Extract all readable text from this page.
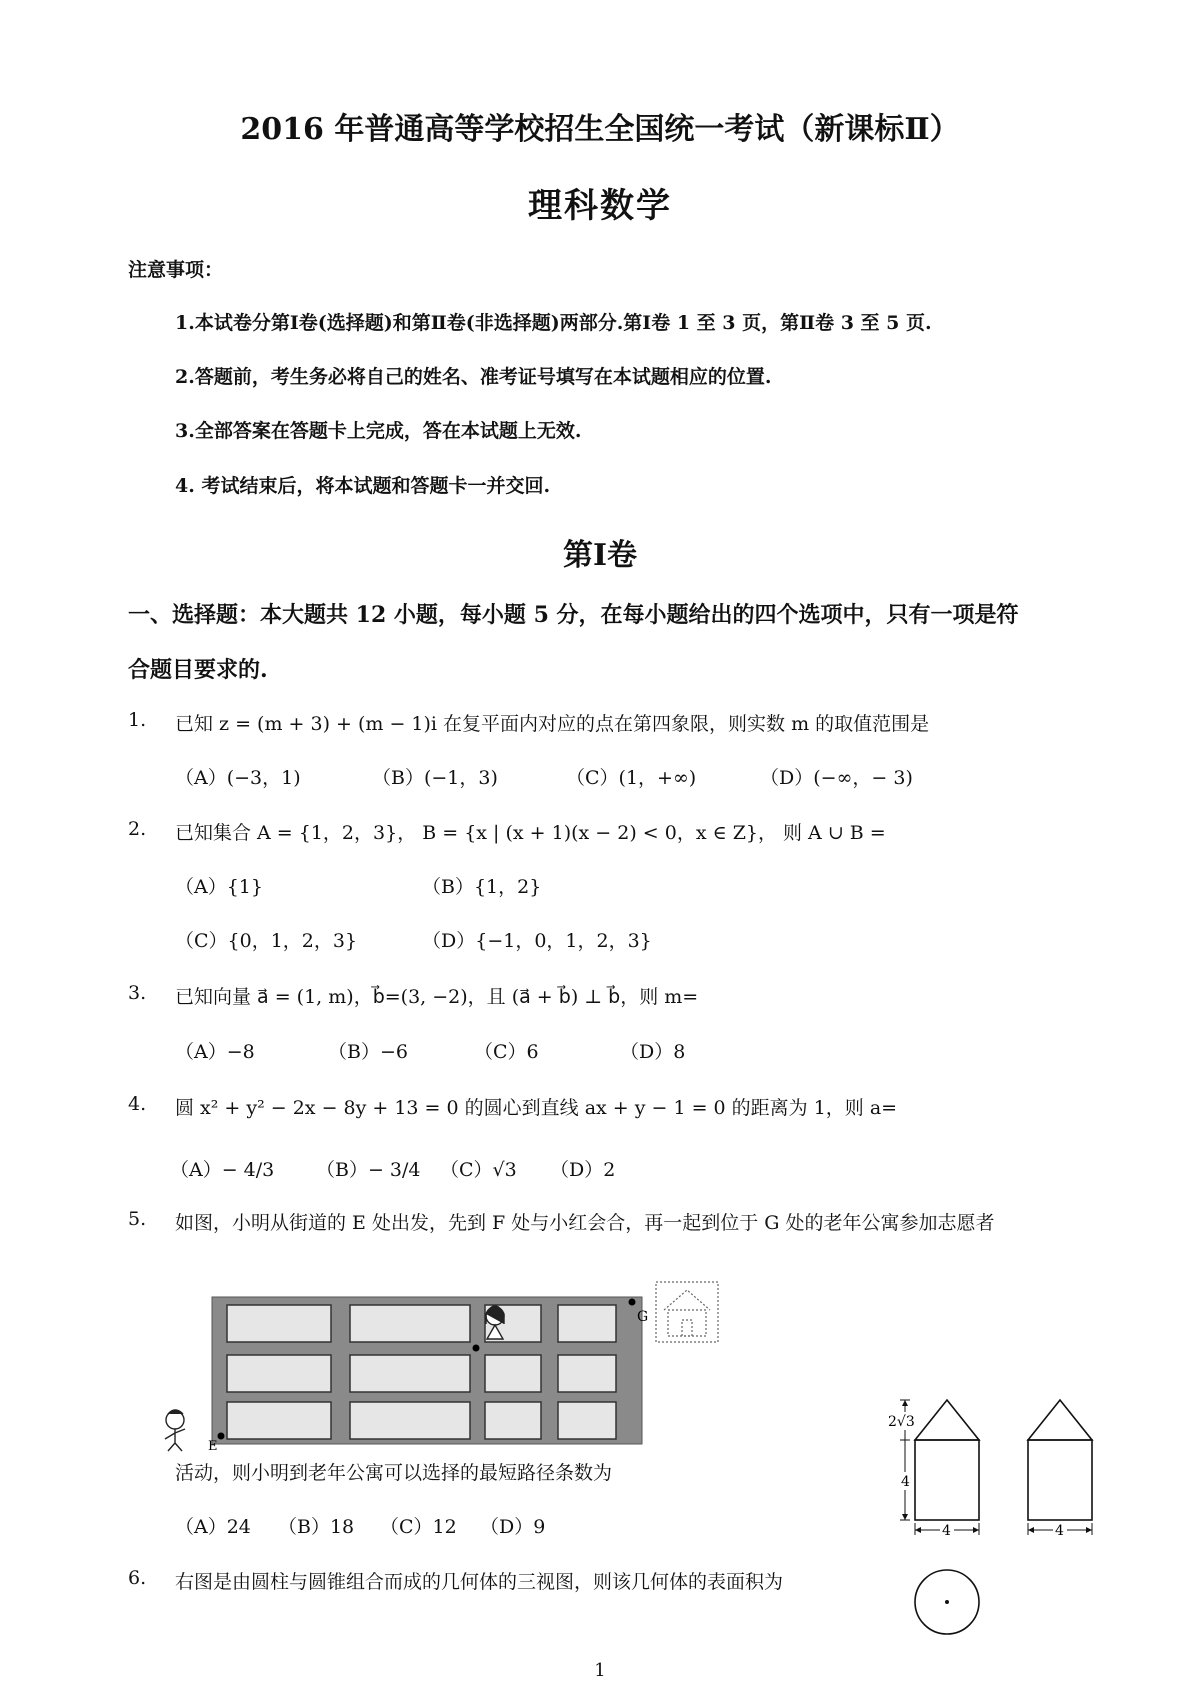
2016 年普通高等学校招生全国统一考试（新课标Ⅱ）
理科数学
注意事项：
1.本试卷分第Ⅰ卷(选择题)和第Ⅱ卷(非选择题)两部分.第Ⅰ卷 1 至 3 页，第Ⅱ卷 3 至 5 页.
2.答题前，考生务必将自己的姓名、准考证号填写在本试题相应的位置.
3.全部答案在答题卡上完成，答在本试题上无效.
4. 考试结束后，将本试题和答题卡一并交回.
第Ⅰ卷
一、选择题：本大题共 12 小题，每小题 5 分，在每小题给出的四个选项中，只有一项是符
合题目要求的.
1. 已知 z = (m + 3) + (m − 1)i 在复平面内对应的点在第四象限，则实数 m 的取值范围是
（A）(−3，1)	（B）(−1，3)	（C）(1，+∞)	（D）(−∞，− 3)
2. 已知集合 A = {1，2，3}， B = {x | (x + 1)(x − 2) < 0，x ∈ Z}， 则 A ∪ B =
（A）{1}	（B）{1，2}
（C）{0，1，2，3}	（D）{−1，0，1，2，3}
3. 已知向量 a⃗ = (1, m)，b⃗=(3, −2)，且 (a⃗ + b⃗) ⊥ b⃗，则 m=
（A）−8	（B）−6	（C）6	（D）8
4. 圆 x² + y² − 2x − 8y + 13 = 0 的圆心到直线 ax + y − 1 = 0 的距离为 1，则 a=
（A）− 4/3 （B）− 3/4 （C）√3 （D）2
5. 如图，小明从街道的 E 处出发，先到 F 处与小红会合，再一起到位于 G 处的老年公寓参加志愿者
G
E
活动，则小明到老年公寓可以选择的最短路径条数为
（A）24 （B）18 （C）12 （D）9
6. 右图是由圆柱与圆锥组合而成的几何体的三视图，则该几何体的表面积为
2√3
4
4	4
1
